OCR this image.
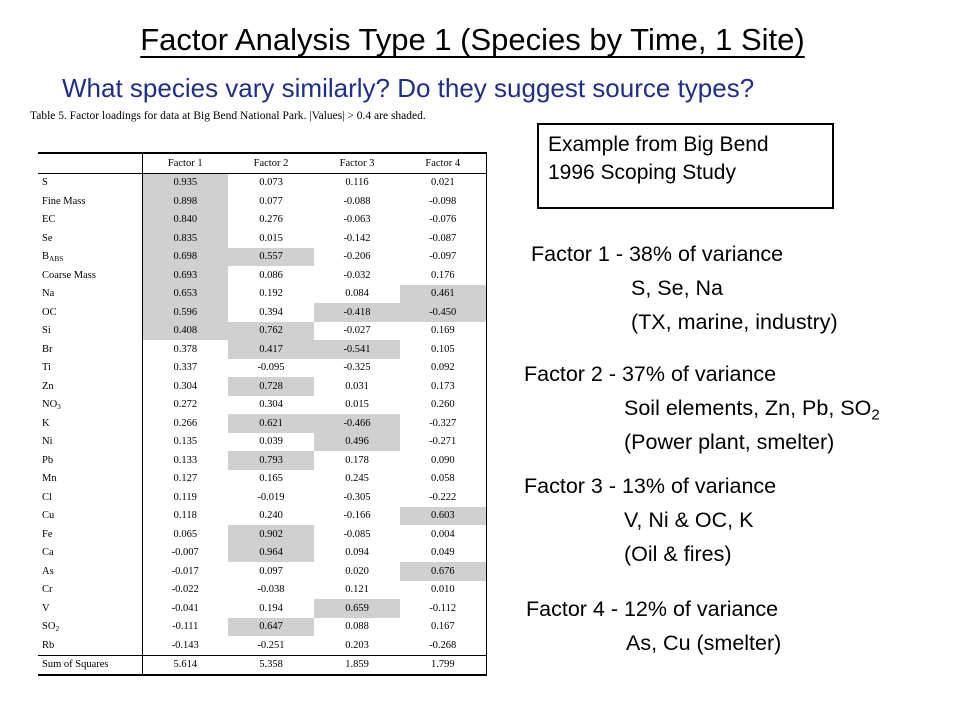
Factor Analysis Type 1 (Species by Time, 1 Site)
What species vary similarly? Do they suggest source types?
Table 5. Factor loadings for data at Big Bend National Park. |Values| > 0.4 are shaded.
	Factor 1	Factor 2	Factor 3	Factor 4
S	0.935	0.073	0.116	0.021
Fine Mass	0.898	0.077	-0.088	-0.098
EC	0.840	0.276	-0.063	-0.076
Se	0.835	0.015	-0.142	-0.087
$B_{ABS}$	0.698	0.557	-0.206	-0.097
Coarse Mass	0.693	0.086	-0.032	0.176
Na	0.653	0.192	0.084	0.461
OC	0.596	0.394	-0.418	-0.450
Si	0.408	0.762	-0.027	0.169
Br	0.378	0.417	-0.541	0.105
Ti	0.337	-0.095	-0.325	0.092
Zn	0.304	0.728	0.031	0.173
$NO_3$	0.272	0.304	0.015	0.260
K	0.266	0.621	-0.466	-0.327
Ni	0.135	0.039	0.496	-0.271
Pb	0.133	0.793	0.178	0.090
Mn	0.127	0.165	0.245	0.058
Cl	0.119	-0.019	-0.305	-0.222
Cu	0.118	0.240	-0.166	0.603
Fe	0.065	0.902	-0.085	0.004
Ca	-0.007	0.964	0.094	0.049
As	-0.017	0.097	0.020	0.676
Cr	-0.022	-0.038	0.121	0.010
V	-0.041	0.194	0.659	-0.112
$SO_2$	-0.111	0.647	0.088	0.167
Rb	-0.143	-0.251	0.203	-0.268
Sum of Squares	5.614	5.358	1.859	1.799
Example from Big Bend
1996 Scoping Study
Factor 1 - 38% of variance
S, Se, Na
(TX, marine, industry)
Factor 2 - 37% of variance
Soil elements, Zn, Pb, $SO_2$
(Power plant, smelter)
Factor 3 - 13% of variance
V, Ni & OC, K
(Oil & fires)
Factor 4 - 12% of variance
As, Cu (smelter)
